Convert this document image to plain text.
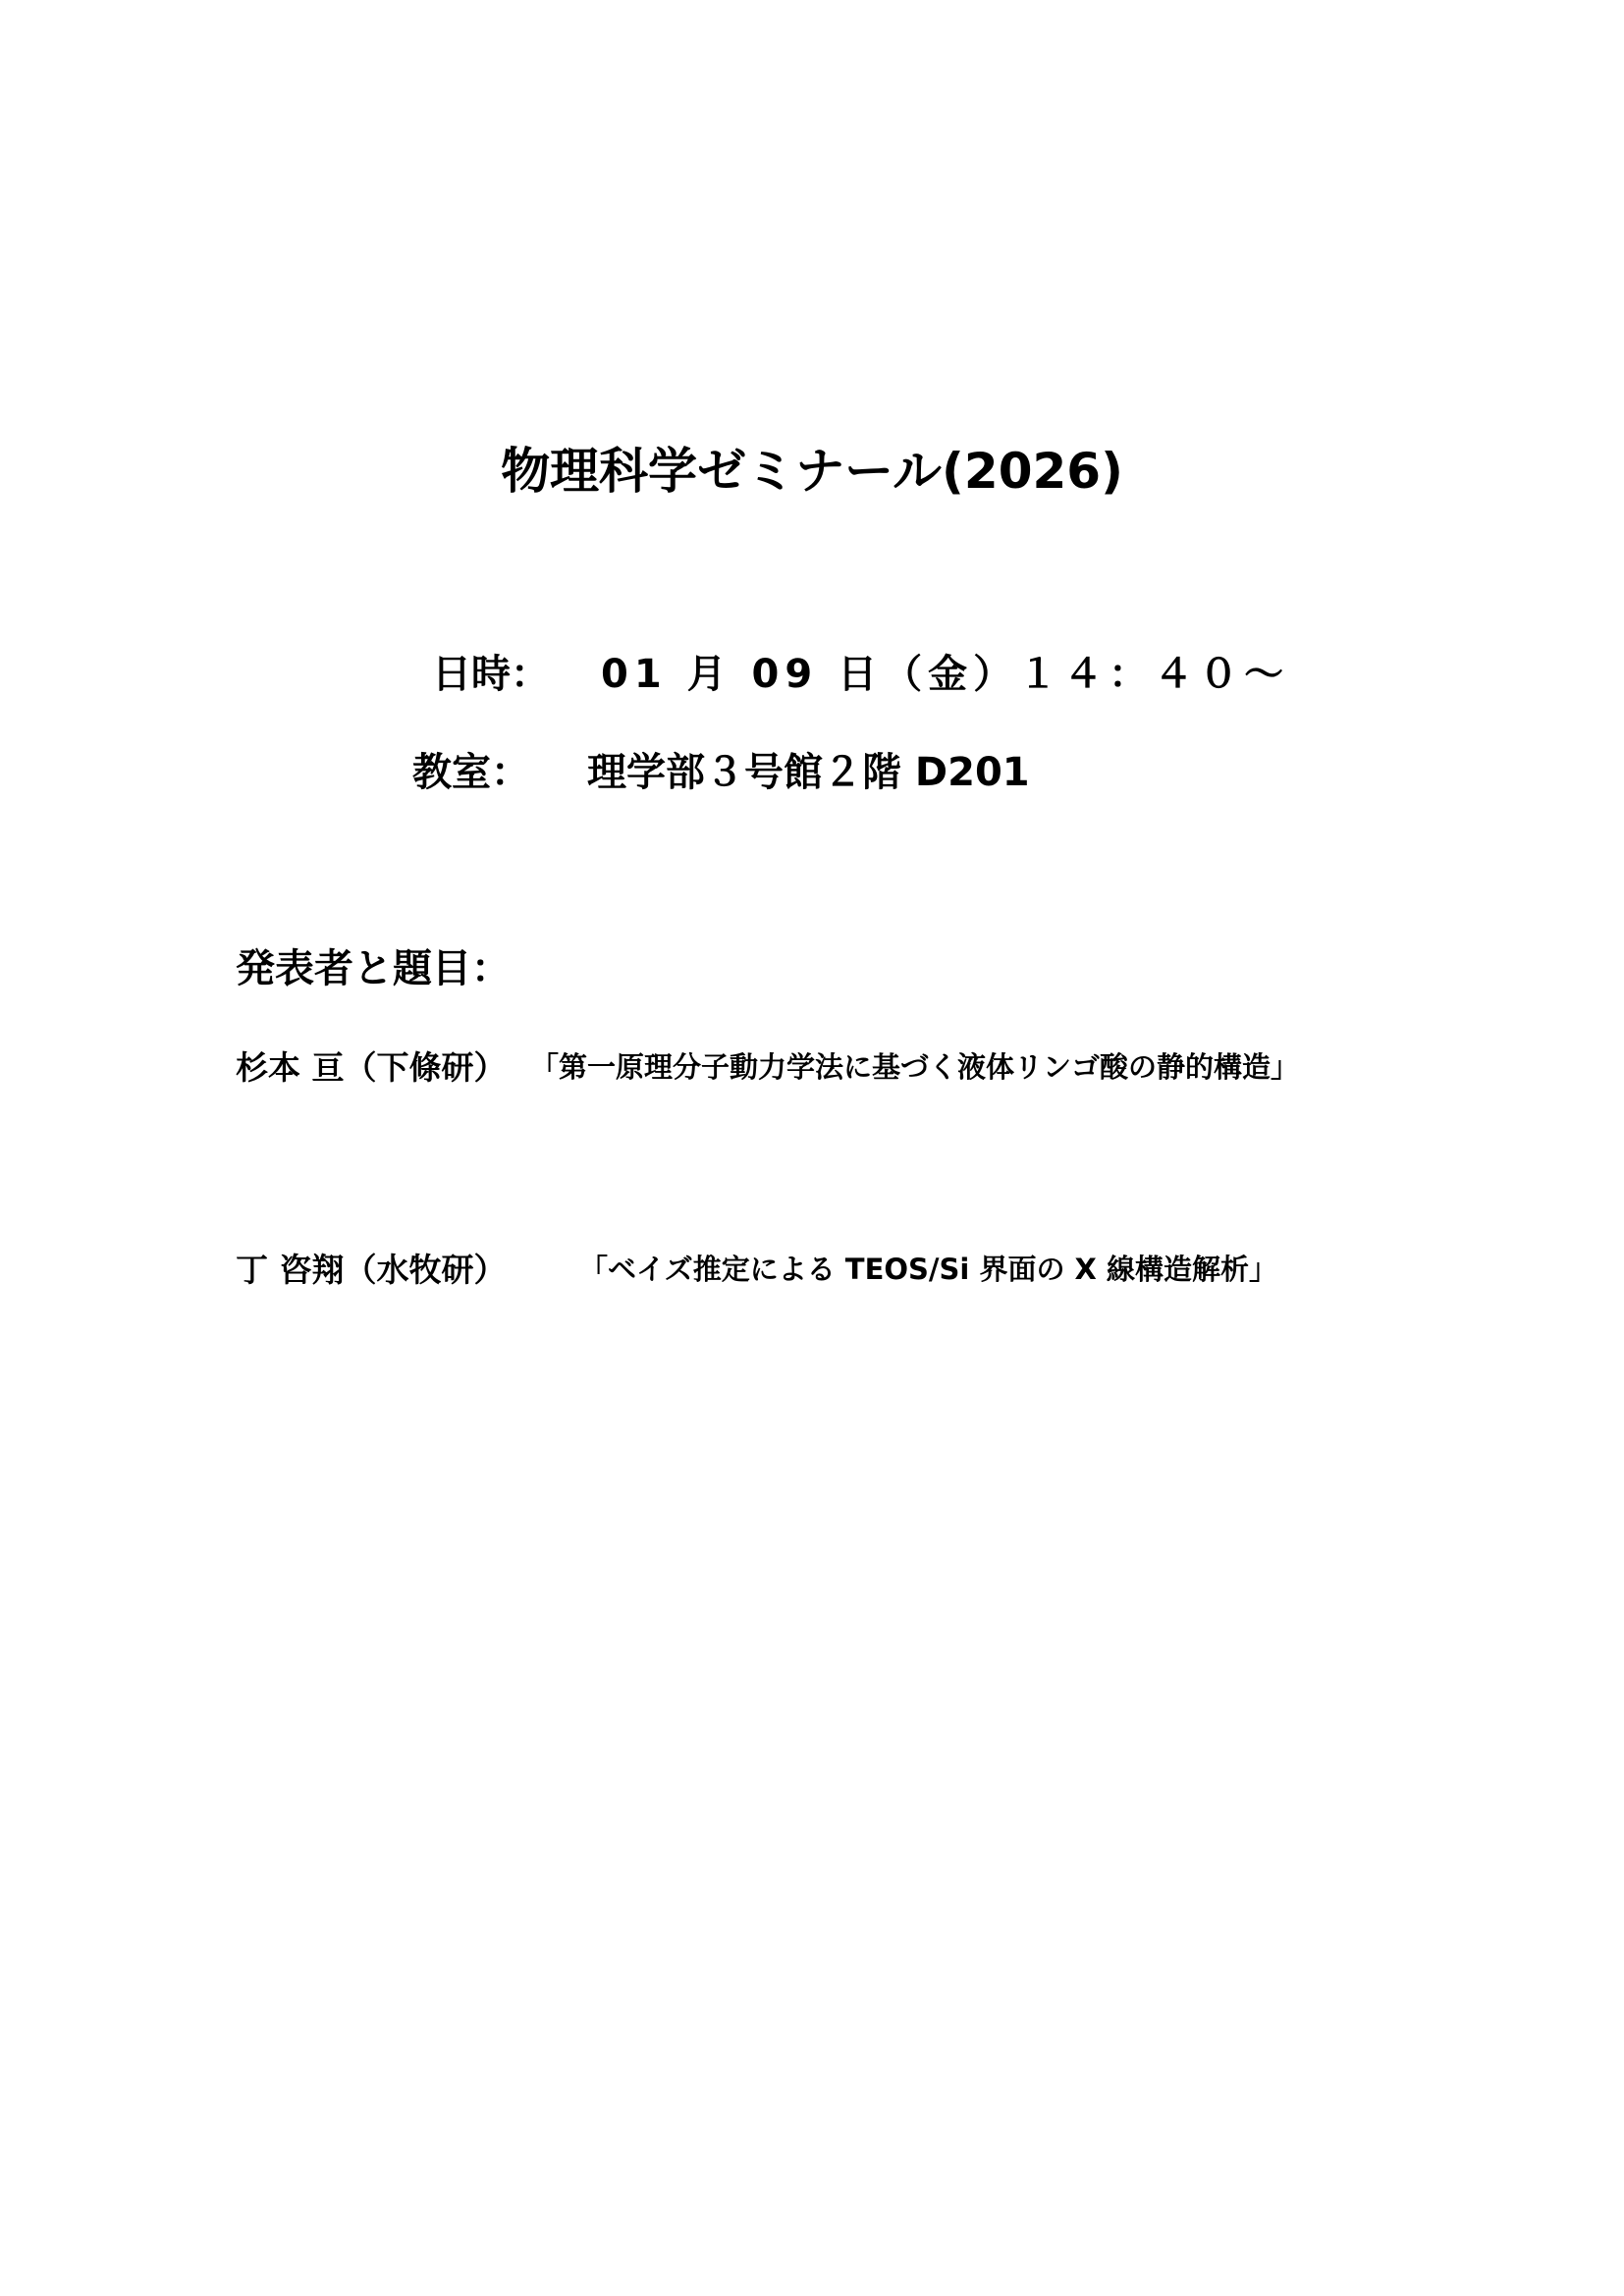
物理科学ゼミナール(2026)
日時： 01 月 09 日（金）１４：４０～
教室： 理学部３号館２階 D201
発表者と題目：
杉本 亘（下條研） 「第一原理分子動力学法に基づく液体リンゴ酸の静的構造」
丁 咨翔（水牧研）	「ベイズ推定による TEOS/Si 界面の X 線構造解析」
